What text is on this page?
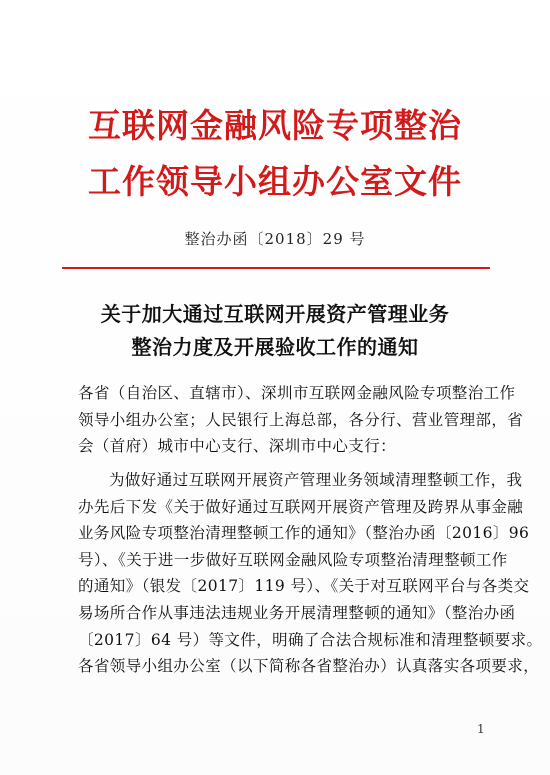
互联网金融风险专项整治
工作领导小组办公室文件
整治办函〔2018〕29 号
关于加大通过互联网开展资产管理业务
整治力度及开展验收工作的通知
各省（自治区、直辖市）、深圳市互联网金融风险专项整治工作
领导小组办公室；人民银行上海总部，各分行、营业管理部，省
会（首府）城市中心支行、深圳市中心支行：
为做好通过互联网开展资产管理业务领域清理整顿工作，我
办先后下发《关于做好通过互联网开展资产管理及跨界从事金融
业务风险专项整治清理整顿工作的通知》（整治办函〔2016〕96
号）、《关于进一步做好互联网金融风险专项整治清理整顿工作
的通知》（银发〔2017〕119 号）、《关于对互联网平台与各类交
易场所合作从事违法违规业务开展清理整顿的通知》（整治办函
〔2017〕64 号）等文件，明确了合法合规标准和清理整顿要求。
各省领导小组办公室（以下简称各省整治办）认真落实各项要求，
1
